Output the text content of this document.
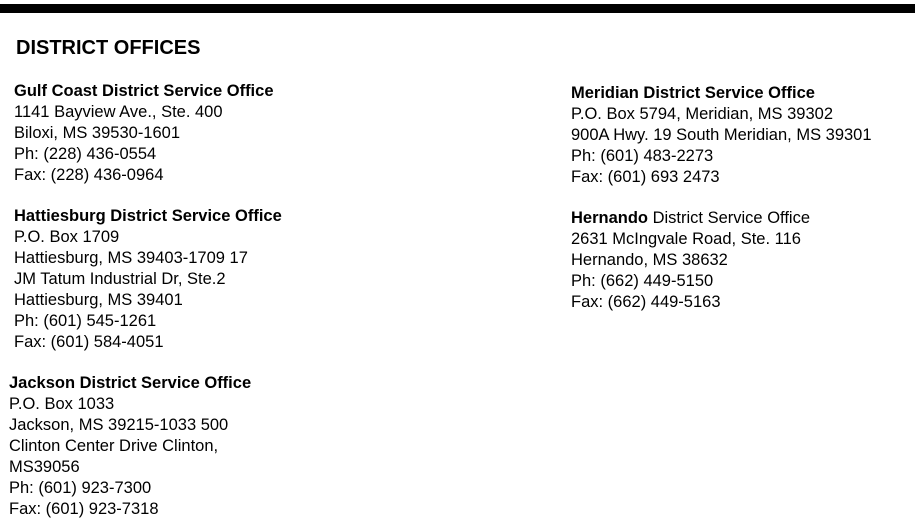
DISTRICT OFFICES
Gulf Coast District Service Office
1141 Bayview Ave., Ste. 400
Biloxi, MS 39530-1601
Ph: (228) 436-0554
Fax: (228) 436-0964
Hattiesburg District Service Office
P.O. Box 1709
Hattiesburg, MS 39403-1709 17
JM Tatum Industrial Dr, Ste.2
Hattiesburg, MS 39401
Ph: (601) 545-1261
Fax: (601) 584-4051
Jackson District Service Office
P.O. Box 1033
Jackson, MS 39215-1033 500
Clinton Center Drive Clinton,
MS39056
Ph: (601) 923-7300
Fax: (601) 923-7318
Meridian District Service Office
P.O. Box 5794, Meridian, MS 39302
900A Hwy. 19 South Meridian, MS 39301
Ph: (601) 483-2273
Fax: (601) 693 2473
Hernando District Service Office
2631 McIngvale Road, Ste. 116
Hernando, MS 38632
Ph: (662) 449-5150
Fax: (662) 449-5163
